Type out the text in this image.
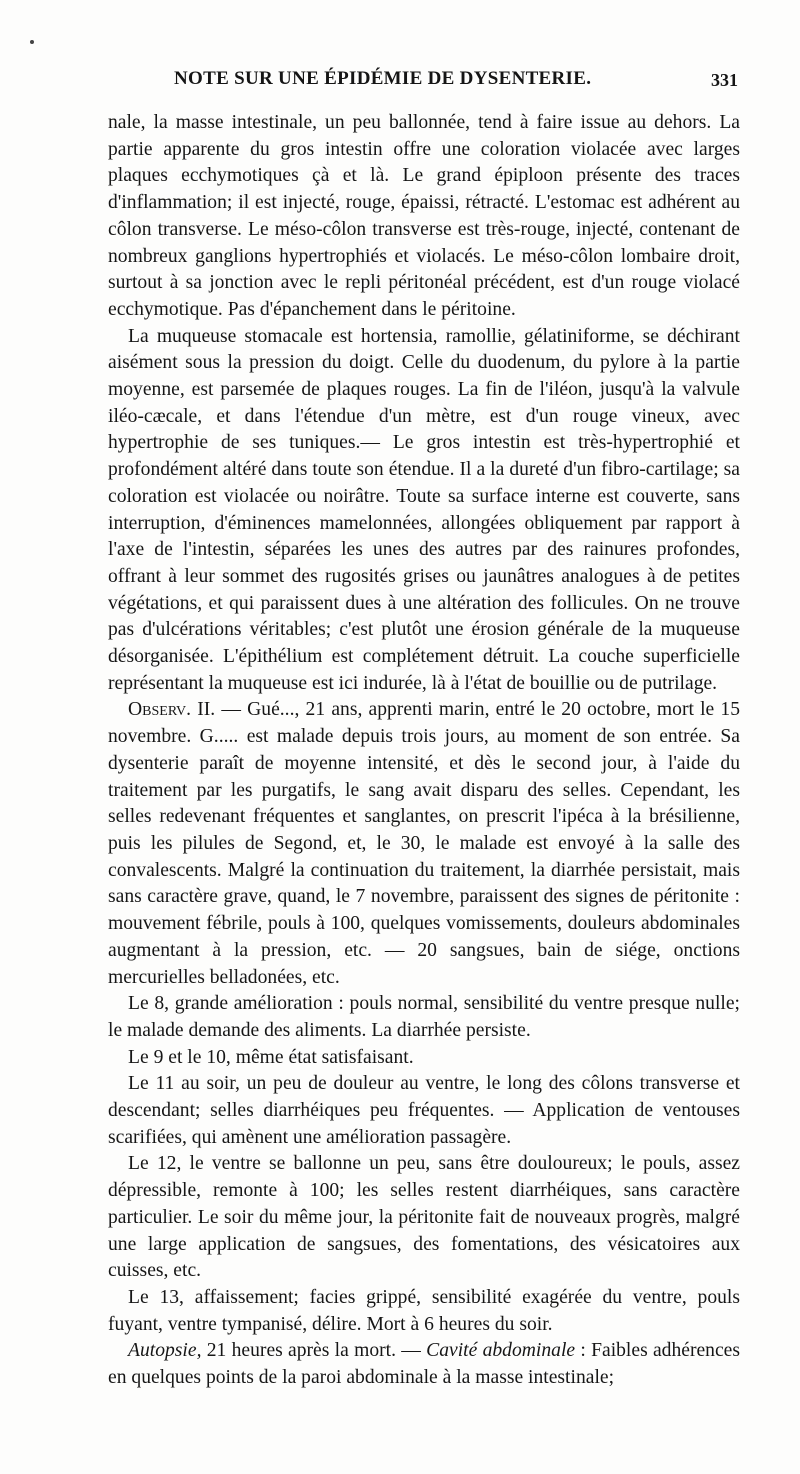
NOTE SUR UNE ÉPIDÉMIE DE DYSENTERIE.	331

nale, la masse intestinale, un peu ballonnée, tend à faire issue au dehors. La partie apparente du gros intestin offre une coloration violacée avec larges plaques ecchymotiques çà et là. Le grand épiploon présente des traces d'inflammation; il est injecté, rouge, épaissi, rétracté. L'estomac est adhérent au côlon transverse. Le méso-côlon transverse est très-rouge, injecté, contenant de nombreux ganglions hypertrophiés et violacés. Le méso-côlon lombaire droit, surtout à sa jonction avec le repli péritonéal précédent, est d'un rouge violacé ecchymotique. Pas d'épanchement dans le péritoine.

La muqueuse stomacale est hortensia, ramollie, gélatiniforme, se déchirant aisément sous la pression du doigt. Celle du duodenum, du pylore à la partie moyenne, est parsemée de plaques rouges. La fin de l'iléon, jusqu'à la valvule iléo-cæcale, et dans l'étendue d'un mètre, est d'un rouge vineux, avec hypertrophie de ses tuniques.— Le gros intestin est très-hypertrophié et profondément altéré dans toute son étendue. Il a la dureté d'un fibro-cartilage; sa coloration est violacée ou noirâtre. Toute sa surface interne est couverte, sans interruption, d'éminences mamelonnées, allongées obliquement par rapport à l'axe de l'intestin, séparées les unes des autres par des rainures profondes, offrant à leur sommet des rugosités grises ou jaunâtres analogues à de petites végétations, et qui paraissent dues à une altération des follicules. On ne trouve pas d'ulcérations véritables; c'est plutôt une érosion générale de la muqueuse désorganisée. L'épithélium est complétement détruit. La couche superficielle représentant la muqueuse est ici indurée, là à l'état de bouillie ou de putrilage.

Observ. II. — Gué..., 21 ans, apprenti marin, entré le 20 octobre, mort le 15 novembre. G..... est malade depuis trois jours, au moment de son entrée. Sa dysenterie paraît de moyenne intensité, et dès le second jour, à l'aide du traitement par les purgatifs, le sang avait disparu des selles. Cependant, les selles redevenant fréquentes et sanglantes, on prescrit l'ipéca à la brésilienne, puis les pilules de Segond, et, le 30, le malade est envoyé à la salle des convalescents. Malgré la continuation du traitement, la diarrhée persistait, mais sans caractère grave, quand, le 7 novembre, paraissent des signes de péritonite : mouvement fébrile, pouls à 100, quelques vomissements, douleurs abdominales augmentant à la pression, etc. — 20 sangsues, bain de siége, onctions mercurielles belladonées, etc.

Le 8, grande amélioration : pouls normal, sensibilité du ventre presque nulle; le malade demande des aliments. La diarrhée persiste.

Le 9 et le 10, même état satisfaisant.

Le 11 au soir, un peu de douleur au ventre, le long des côlons transverse et descendant; selles diarrhéiques peu fréquentes. — Application de ventouses scarifiées, qui amènent une amélioration passagère.

Le 12, le ventre se ballonne un peu, sans être douloureux; le pouls, assez dépressible, remonte à 100; les selles restent diarrhéiques, sans caractère particulier. Le soir du même jour, la péritonite fait de nouveaux progrès, malgré une large application de sangsues, des fomentations, des vésicatoires aux cuisses, etc.

Le 13, affaissement; facies grippé, sensibilité exagérée du ventre, pouls fuyant, ventre tympanisé, délire. Mort à 6 heures du soir.

Autopsie, 21 heures après la mort. — Cavité abdominale : Faibles adhérences en quelques points de la paroi abdominale à la masse intestinale;
